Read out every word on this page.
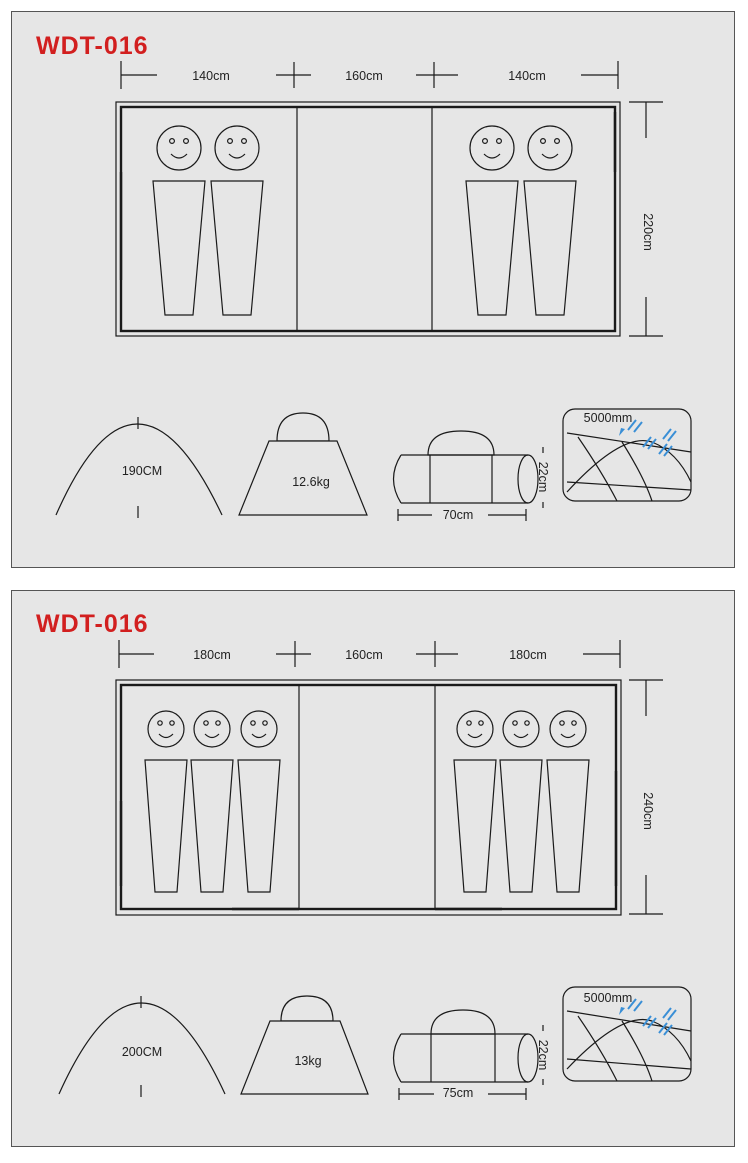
WDT-016
140cm	160cm	140cm
220cm
190CM
12.6kg
70cm
22cm
5000mm
WDT-016
180cm	160cm	180cm
240cm
200CM
13kg
75cm
22cm
5000mm
